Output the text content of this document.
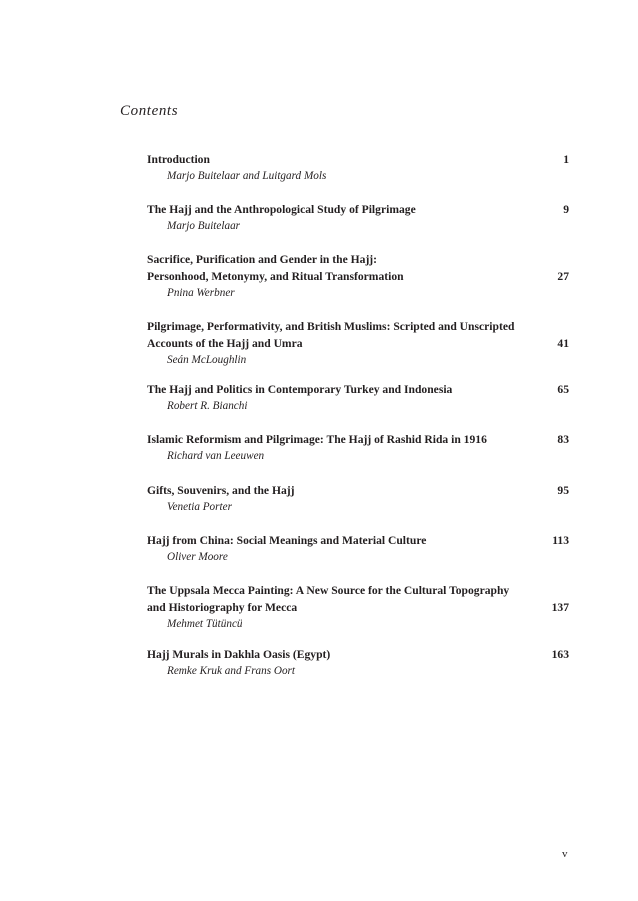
Contents
Introduction	1
Marjo Buitelaar and Luitgard Mols
The Hajj and the Anthropological Study of Pilgrimage	9
Marjo Buitelaar
Sacrifice, Purification and Gender in the Hajj:
Personhood, Metonymy, and Ritual Transformation	27
Pnina Werbner
Pilgrimage, Performativity, and British Muslims: Scripted and Unscripted
Accounts of the Hajj and Umra	41
Seán McLoughlin
The Hajj and Politics in Contemporary Turkey and Indonesia	65
Robert R. Bianchi
Islamic Reformism and Pilgrimage: The Hajj of Rashid Rida in 1916	83
Richard van Leeuwen
Gifts, Souvenirs, and the Hajj	95
Venetia Porter
Hajj from China: Social Meanings and Material Culture	113
Oliver Moore
The Uppsala Mecca Painting: A New Source for the Cultural Topography
and Historiography for Mecca	137
Mehmet Tütüncü
Hajj Murals in Dakhla Oasis (Egypt)	163
Remke Kruk and Frans Oort
v
